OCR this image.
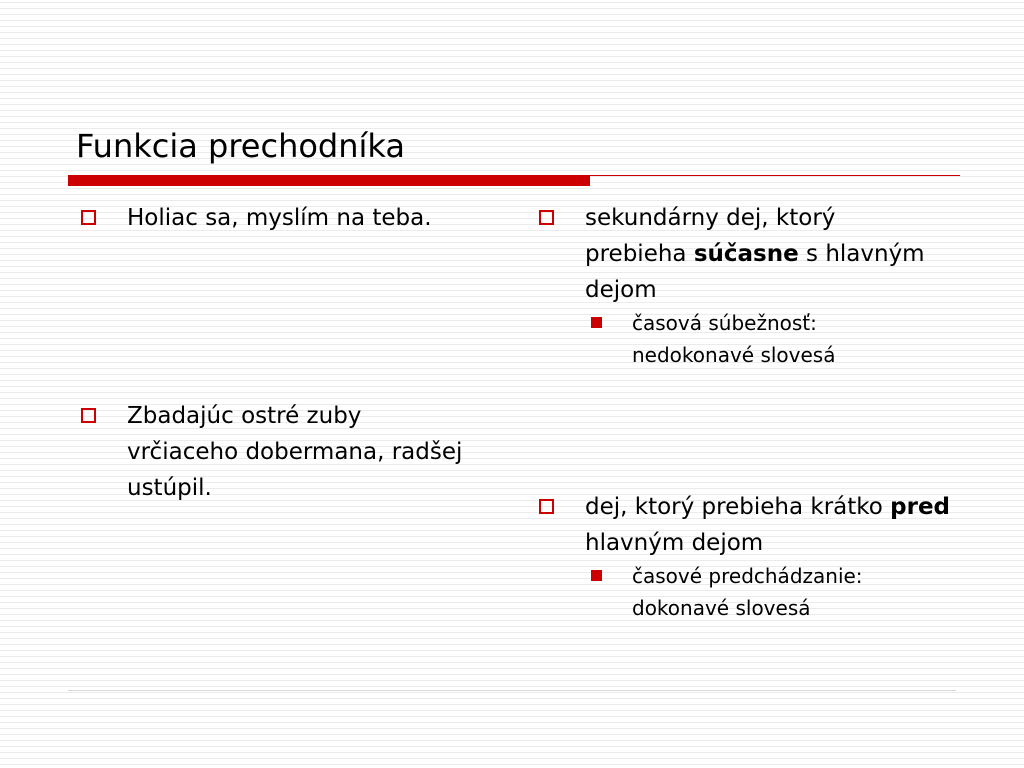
Funkcia prechodníka
Holiac sa, myslím na teba.
Zbadajúc ostré zuby vrčiaceho dobermana, radšej ustúpil.
sekundárny dej, ktorý prebieha súčasne s hlavným dejom
časová súbežnosť: nedokonavé slovesá
dej, ktorý prebieha krátko pred hlavným dejom
časové predchádzanie: dokonavé slovesá
